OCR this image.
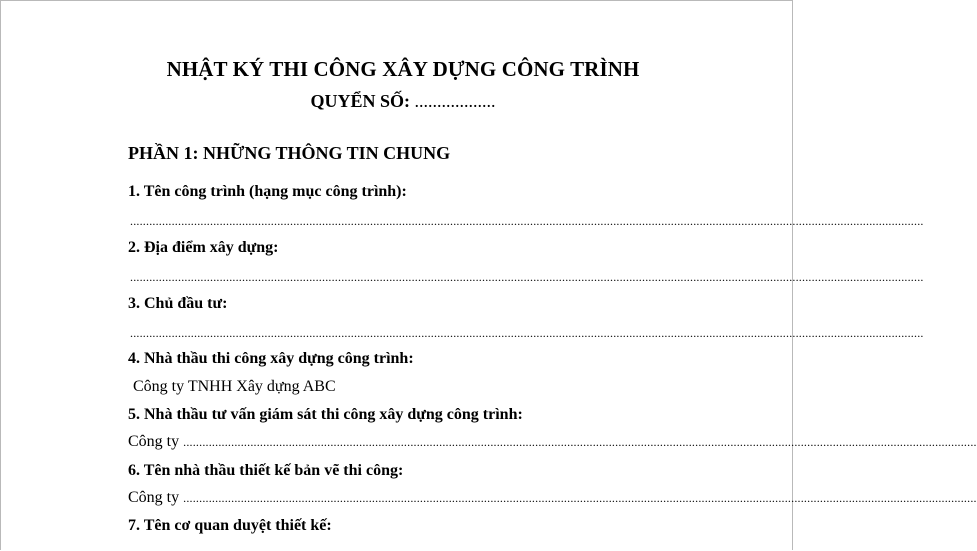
NHẬT KÝ THI CÔNG XÂY DỰNG CÔNG TRÌNH
QUYỂN SỐ: ..................
PHẦN 1: NHỮNG THÔNG TIN CHUNG
1. Tên công trình (hạng mục công trình):
........................................................................................................................................................................................................................................................
2. Địa điểm xây dựng:
........................................................................................................................................................................................................................................................
3. Chủ đầu tư:
........................................................................................................................................................................................................................................................
4. Nhà thầu thi công xây dựng công trình:
Công ty TNHH Xây dựng ABC
5. Nhà thầu tư vấn giám sát thi công xây dựng công trình:
Công ty ........................................................................................................................................................................................................................................................
6. Tên nhà thầu thiết kế bản vẽ thi công:
Công ty ........................................................................................................................................................................................................................................................
7. Tên cơ quan duyệt thiết kế:
